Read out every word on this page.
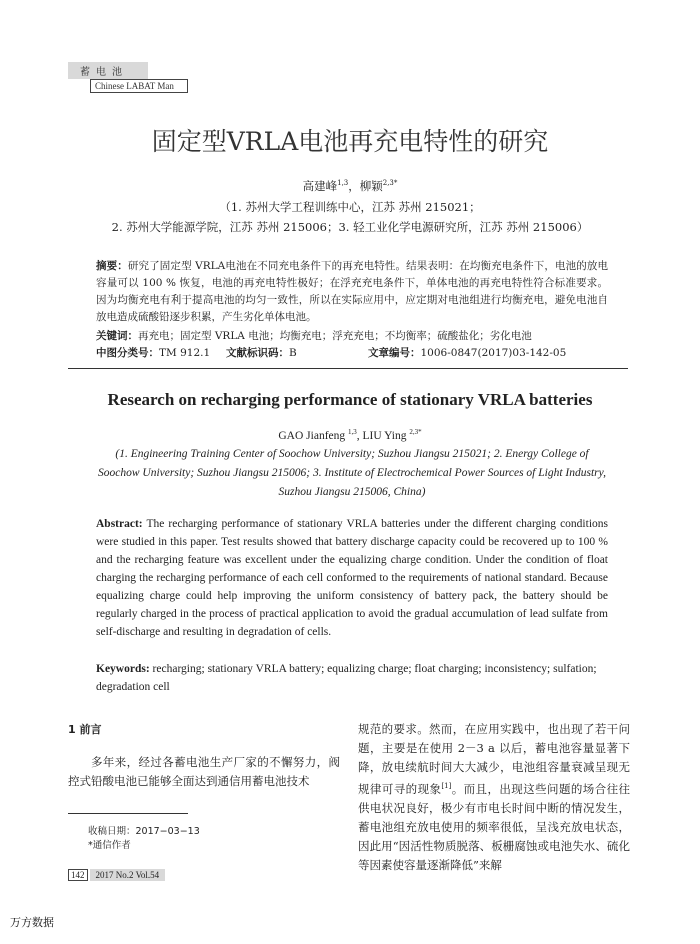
蓄电池
Chinese LABAT Man
固定型VRLA电池再充电特性的研究
高建峰$^{1,3}$，柳颖$^{2,3*}$
（1. 苏州大学工程训练中心，江苏 苏州 215021；
2. 苏州大学能源学院，江苏 苏州 215006；3. 轻工业化学电源研究所，江苏 苏州 215006）
摘要：研究了固定型 VRLA电池在不同充电条件下的再充电特性。结果表明：在均衡充电条件下，电池的放电容量可以 100 % 恢复，电池的再充电特性极好；在浮充充电条件下，单体电池的再充电特性符合标准要求。因为均衡充电有利于提高电池的均匀一致性，所以在实际应用中，应定期对电池组进行均衡充电，避免电池自放电造成硫酸铅逐步积累，产生劣化单体电池。
关键词：再充电；固定型 VRLA 电池；均衡充电；浮充充电；不均衡率；硫酸盐化；劣化电池
中图分类号：TM 912.1 文献标识码：B	文章编号：1006-0847(2017)03-142-05
Research on recharging performance of stationary VRLA batteries
GAO Jianfeng $^{1,3}$, LIU Ying $^{2,3*}$
(1. Engineering Training Center of Soochow University; Suzhou Jiangsu 215021; 2. Energy College of Soochow University; Suzhou Jiangsu 215006; 3. Institute of Electrochemical Power Sources of Light Industry, Suzhou Jiangsu 215006, China)
Abstract: The recharging performance of stationary VRLA batteries under the different charging conditions were studied in this paper. Test results showed that battery discharge capacity could be recovered up to 100 % and the recharging feature was excellent under the equalizing charge condition. Under the condition of float charging the recharging performance of each cell conformed to the requirements of national standard. Because equalizing charge could help improving the uniform consistency of battery pack, the battery should be regularly charged in the process of practical application to avoid the gradual accumulation of lead sulfate from self-discharge and resulting in degradation of cells.
Keywords: recharging; stationary VRLA battery; equalizing charge; float charging; inconsistency; sulfation; degradation cell
1 前言
多年来，经过各蓄电池生产厂家的不懈努力，阀控式铅酸电池已能够全面达到通信用蓄电池技术
规范的要求。然而，在应用实践中，也出现了若干问题，主要是在使用 2－3 a 以后，蓄电池容量显著下降，放电续航时间大大减少，电池组容量衰减呈现无规律可寻的现象[1]。而且，出现这些问题的场合往往供电状况良好，极少有市电长时间中断的情况发生，蓄电池组充放电使用的频率很低，呈浅充放电状态，因此用“因活性物质脱落、板栅腐蚀或电池失水、硫化等因素使容量逐渐降低”来解
收稿日期：2017−03−13
*通信作者
142 2017 No.2 Vol.54
万方数据
